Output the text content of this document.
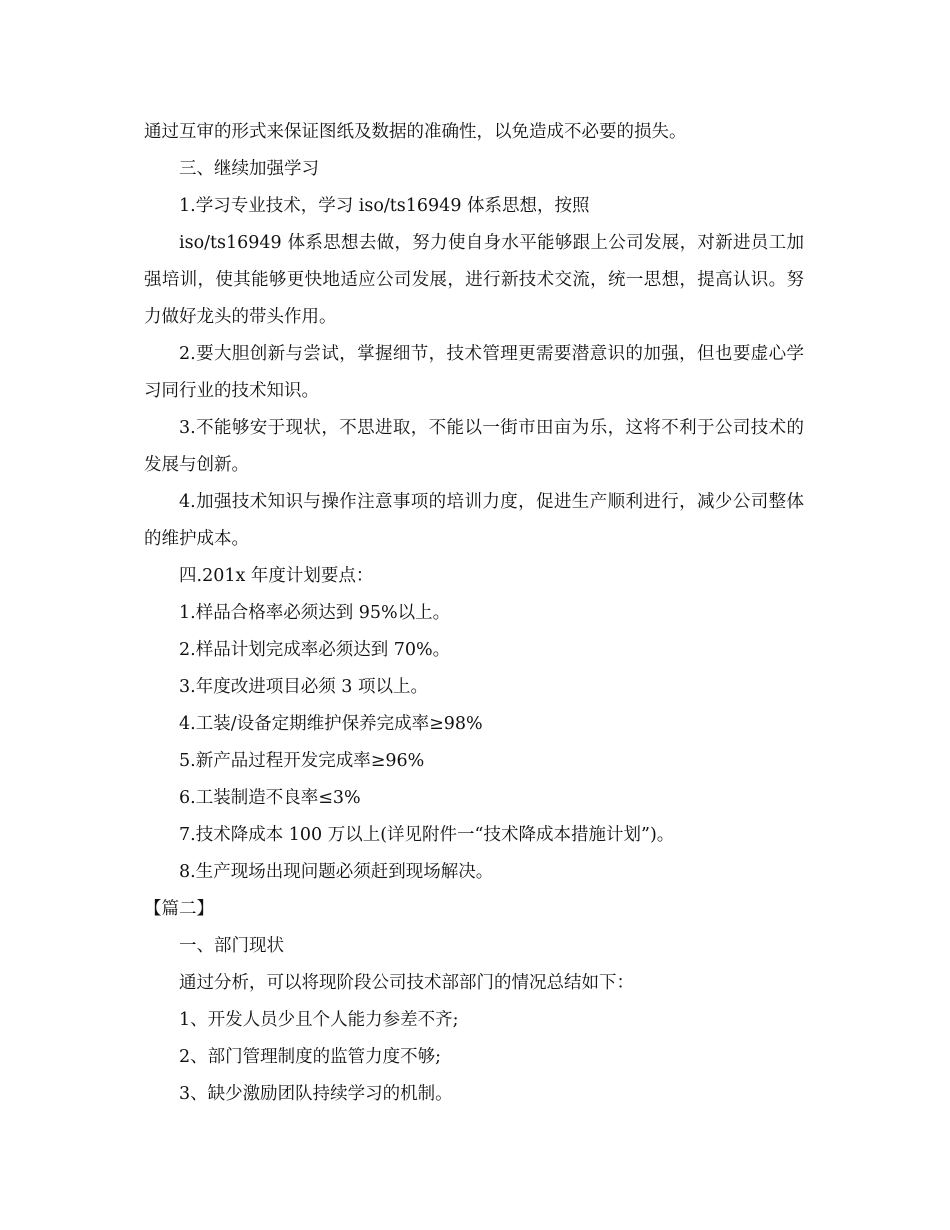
通过互审的形式来保证图纸及数据的准确性，以免造成不必要的损失。

三、继续加强学习

1.学习专业技术，学习 iso/ts16949 体系思想，按照

iso/ts16949 体系思想去做，努力使自身水平能够跟上公司发展，对新进员工加强培训，使其能够更快地适应公司发展，进行新技术交流，统一思想，提高认识。努力做好龙头的带头作用。

2.要大胆创新与尝试，掌握细节，技术管理更需要潜意识的加强，但也要虚心学习同行业的技术知识。

3.不能够安于现状，不思进取，不能以一街市田亩为乐，这将不利于公司技术的发展与创新。

4.加强技术知识与操作注意事项的培训力度，促进生产顺利进行，减少公司整体的维护成本。

四.201x 年度计划要点：

1.样品合格率必须达到 95%以上。

2.样品计划完成率必须达到 70%。

3.年度改进项目必须 3 项以上。

4.工装/设备定期维护保养完成率≥98%

5.新产品过程开发完成率≥96%

6.工装制造不良率≤3%

7.技术降成本 100 万以上(详见附件一“技术降成本措施计划”)。

8.生产现场出现问题必须赶到现场解决。

【篇二】

一、部门现状

通过分析，可以将现阶段公司技术部部门的情况总结如下：

1、开发人员少且个人能力参差不齐;

2、部门管理制度的监管力度不够;

3、缺少激励团队持续学习的机制。
